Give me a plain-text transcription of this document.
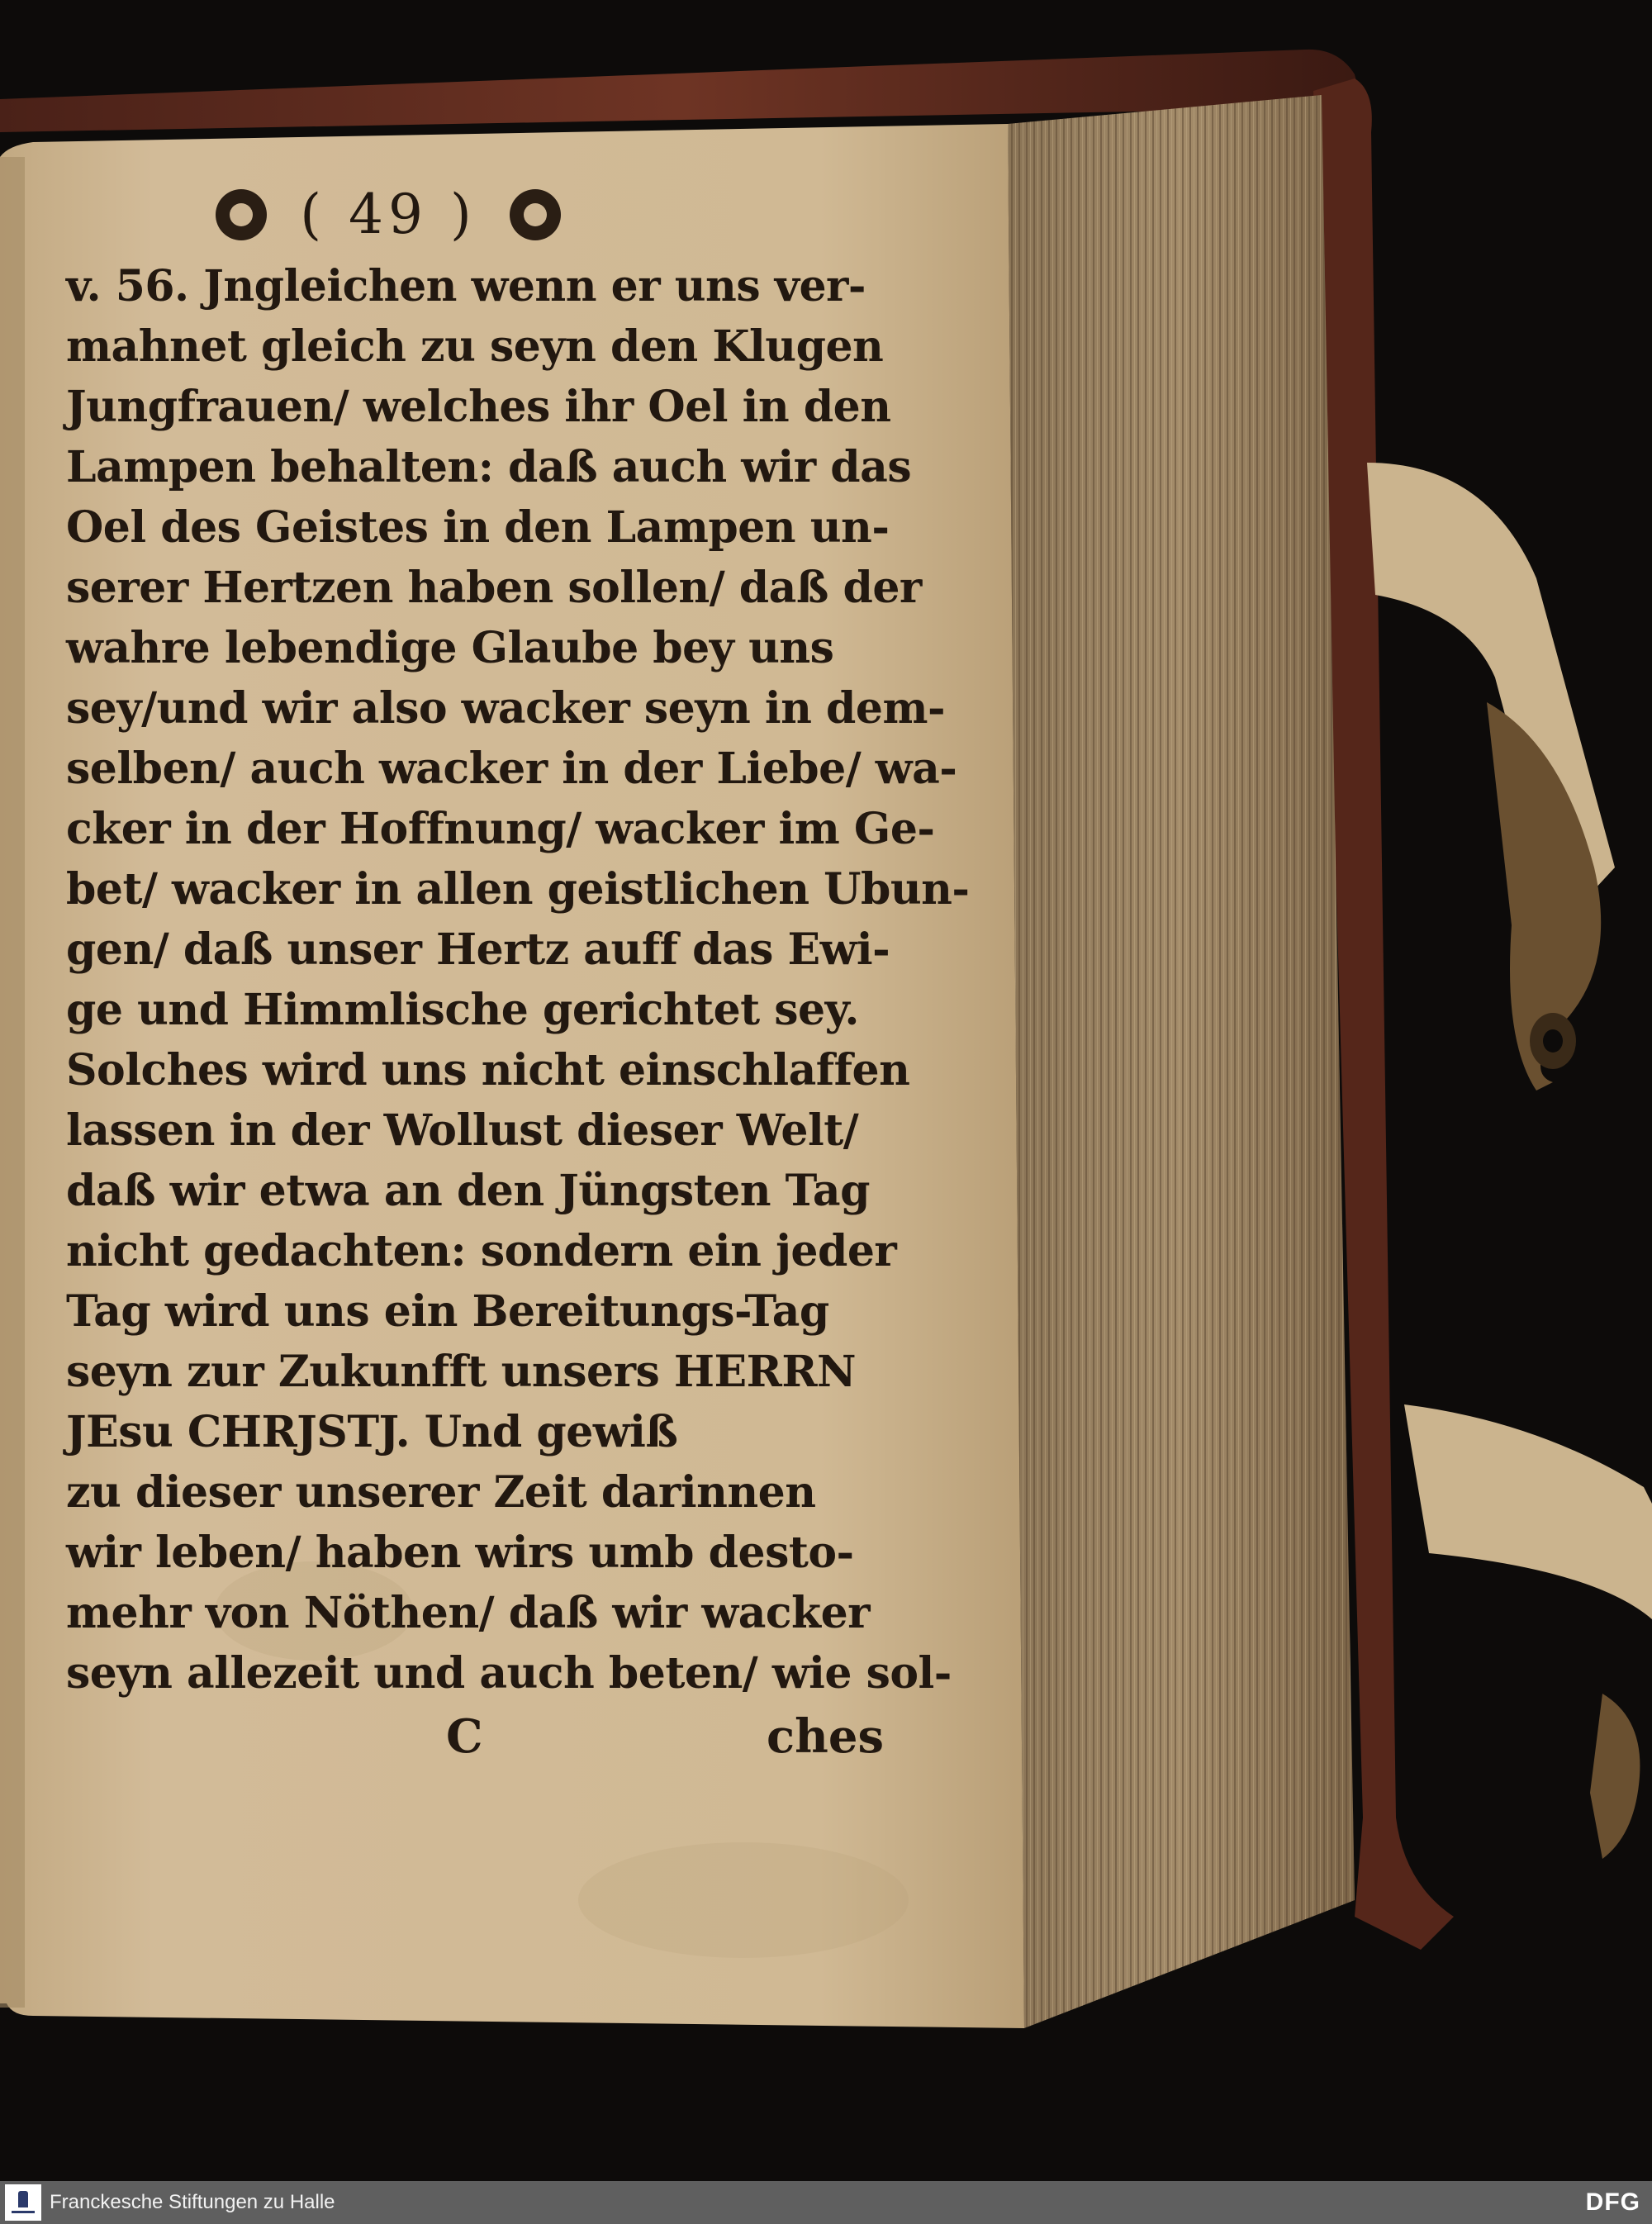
( 49 )
v. 56. Jngleichen wenn er uns ver-
mahnet gleich zu seyn den Klugen
Jungfrauen/ welches ihr Oel in den
Lampen behalten: daß auch wir das
Oel des Geistes in den Lampen un-
serer Hertzen haben sollen/ daß der
wahre lebendige Glaube bey uns
sey/und wir also wacker seyn in dem-
selben/ auch wacker in der Liebe/ wa-
cker in der Hoffnung/ wacker im Ge-
bet/ wacker in allen geistlichen Ubun-
gen/ daß unser Hertz auff das Ewi-
ge und Himmlische gerichtet sey.
Solches wird uns nicht einschlaffen
lassen in der Wollust dieser Welt/
daß wir etwa an den Jüngsten Tag
nicht gedachten: sondern ein jeder
Tag wird uns ein Bereitungs-Tag
seyn zur Zukunfft unsers HERRN
JEsu CHRJSTJ. Und gewiß
zu dieser unserer Zeit darinnen
wir leben/ haben wirs umb desto-
mehr von Nöthen/ daß wir wacker
seyn allezeit und auch beten/ wie sol-
C	ches
Franckesche Stiftungen zu Halle	DFG
